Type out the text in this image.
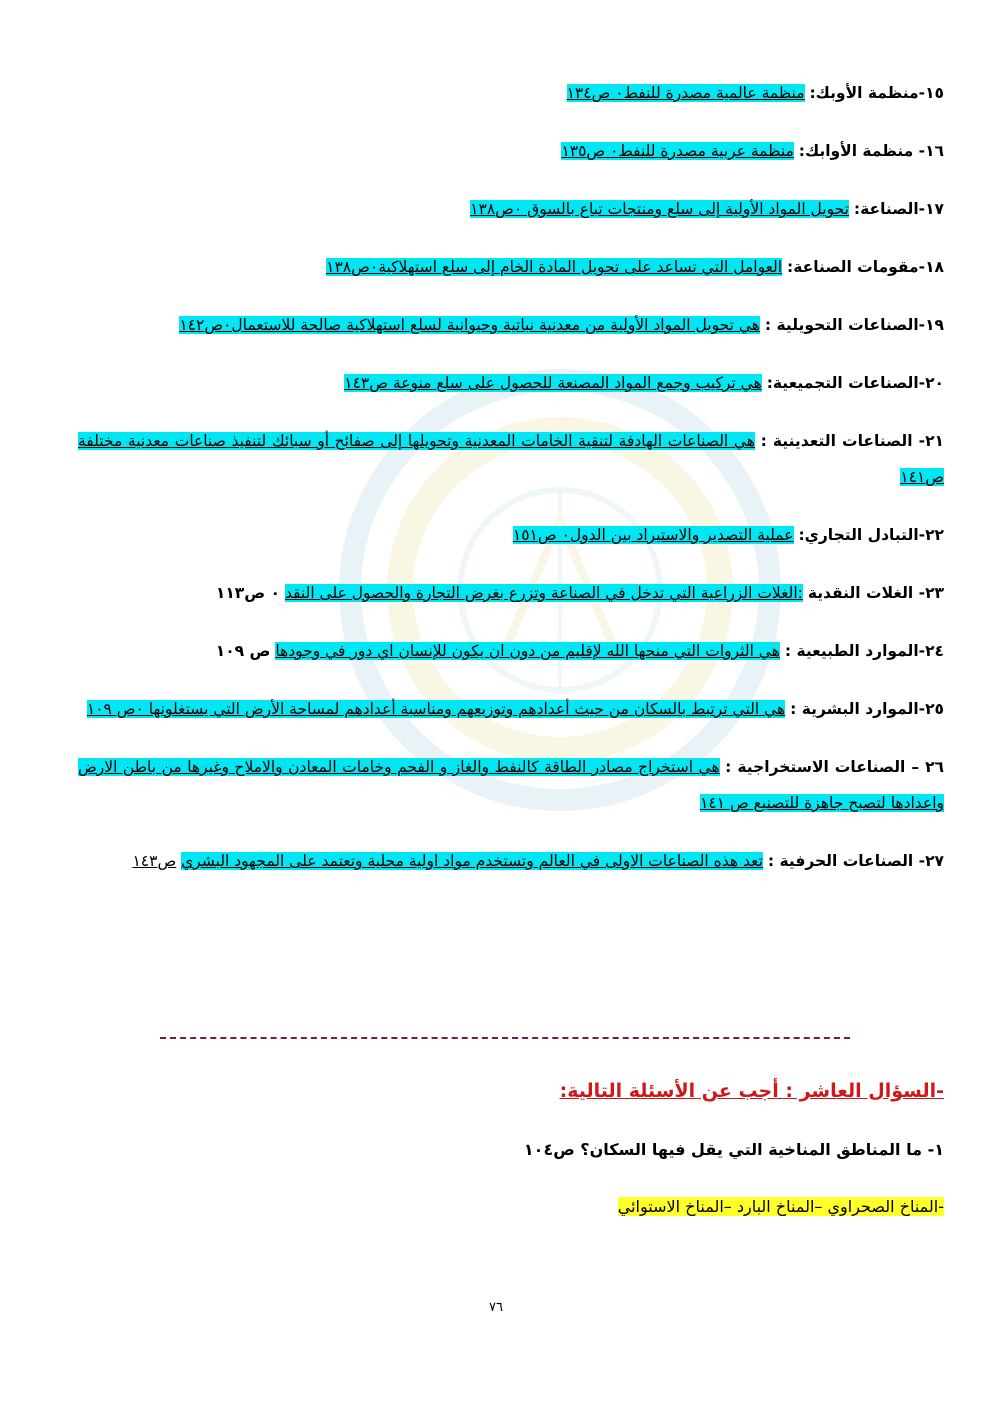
١٥-منظمة الأوبك: منظمة عالمية مصدرة للنفط٠ ص١٣٤

١٦- منظمة الأوابك: منظمة عربية مصدرة للنفط٠ ص١٣٥

١٧-الصناعة: تحويل المواد الأولية إلى سلع ومنتجات تباع بالسوق ٠ص١٣٨

١٨-مقومات الصناعة: العوامل التي تساعد على تحويل المادة الخام إلى سلع استهلاكية٠ص١٣٨

١٩-الصناعات التحويلية : هي تحويل المواد الأولية من معدنية نباتية وحيوانية لسلع استهلاكية صالحة للاستعمال٠ص١٤٢

٢٠-الصناعات التجميعية: هي تركيب وجمع المواد المصنعة للحصول على سلع منوعة ص١٤٣

٢١- الصناعات التعدينية : هي الصناعات الهادفة لتنقية الخامات المعدنية وتحويلها إلى صفائح أو سبائك لتنفيذ صناعات معدنية مختلفة ص١٤١

٢٢-التبادل التجاري: عملية التصدير والاستيراد بين الدول٠ ص١٥١

٢٣- الغلات النقدية :الغلات الزراعية التي تدخل في الصناعة وتزرع بغرض التجارة والحصول على النقد ٠ ص١١٣

٢٤-الموارد الطبيعية : هي الثروات التي منحها الله لإقليم من دون ان يكون للإنسان اي دور في وجودها ص ١٠٩

٢٥-الموارد البشرية : هي التي ترتبط بالسكان من حيث أعدادهم وتوزيعهم ومناسبة أعدادهم لمساحة الأرض التي يستغلونها ٠ص ١٠٩

٢٦ – الصناعات الاستخراجية : هي استخراج مصادر الطاقة كالنفط والغاز و الفحم وخامات المعادن والاملاح وغيرها من باطن الارض واعدادها لتصبح جاهزة للتصنيع ص ١٤١

٢٧- الصناعات الحرفية : تعد هذه الصناعات الاولى في العالم وتستخدم مواد اولية محلية وتعتمد على المجهود البشري ص١٤٣

-السؤال العاشر : أجب عن الأسئلة التالية:
١- ما المناطق المناخية التي يقل فيها السكان؟ ص١٠٤
-المناخ الصحراوي –المناخ البارد –المناخ الاستوائي
٧٦
